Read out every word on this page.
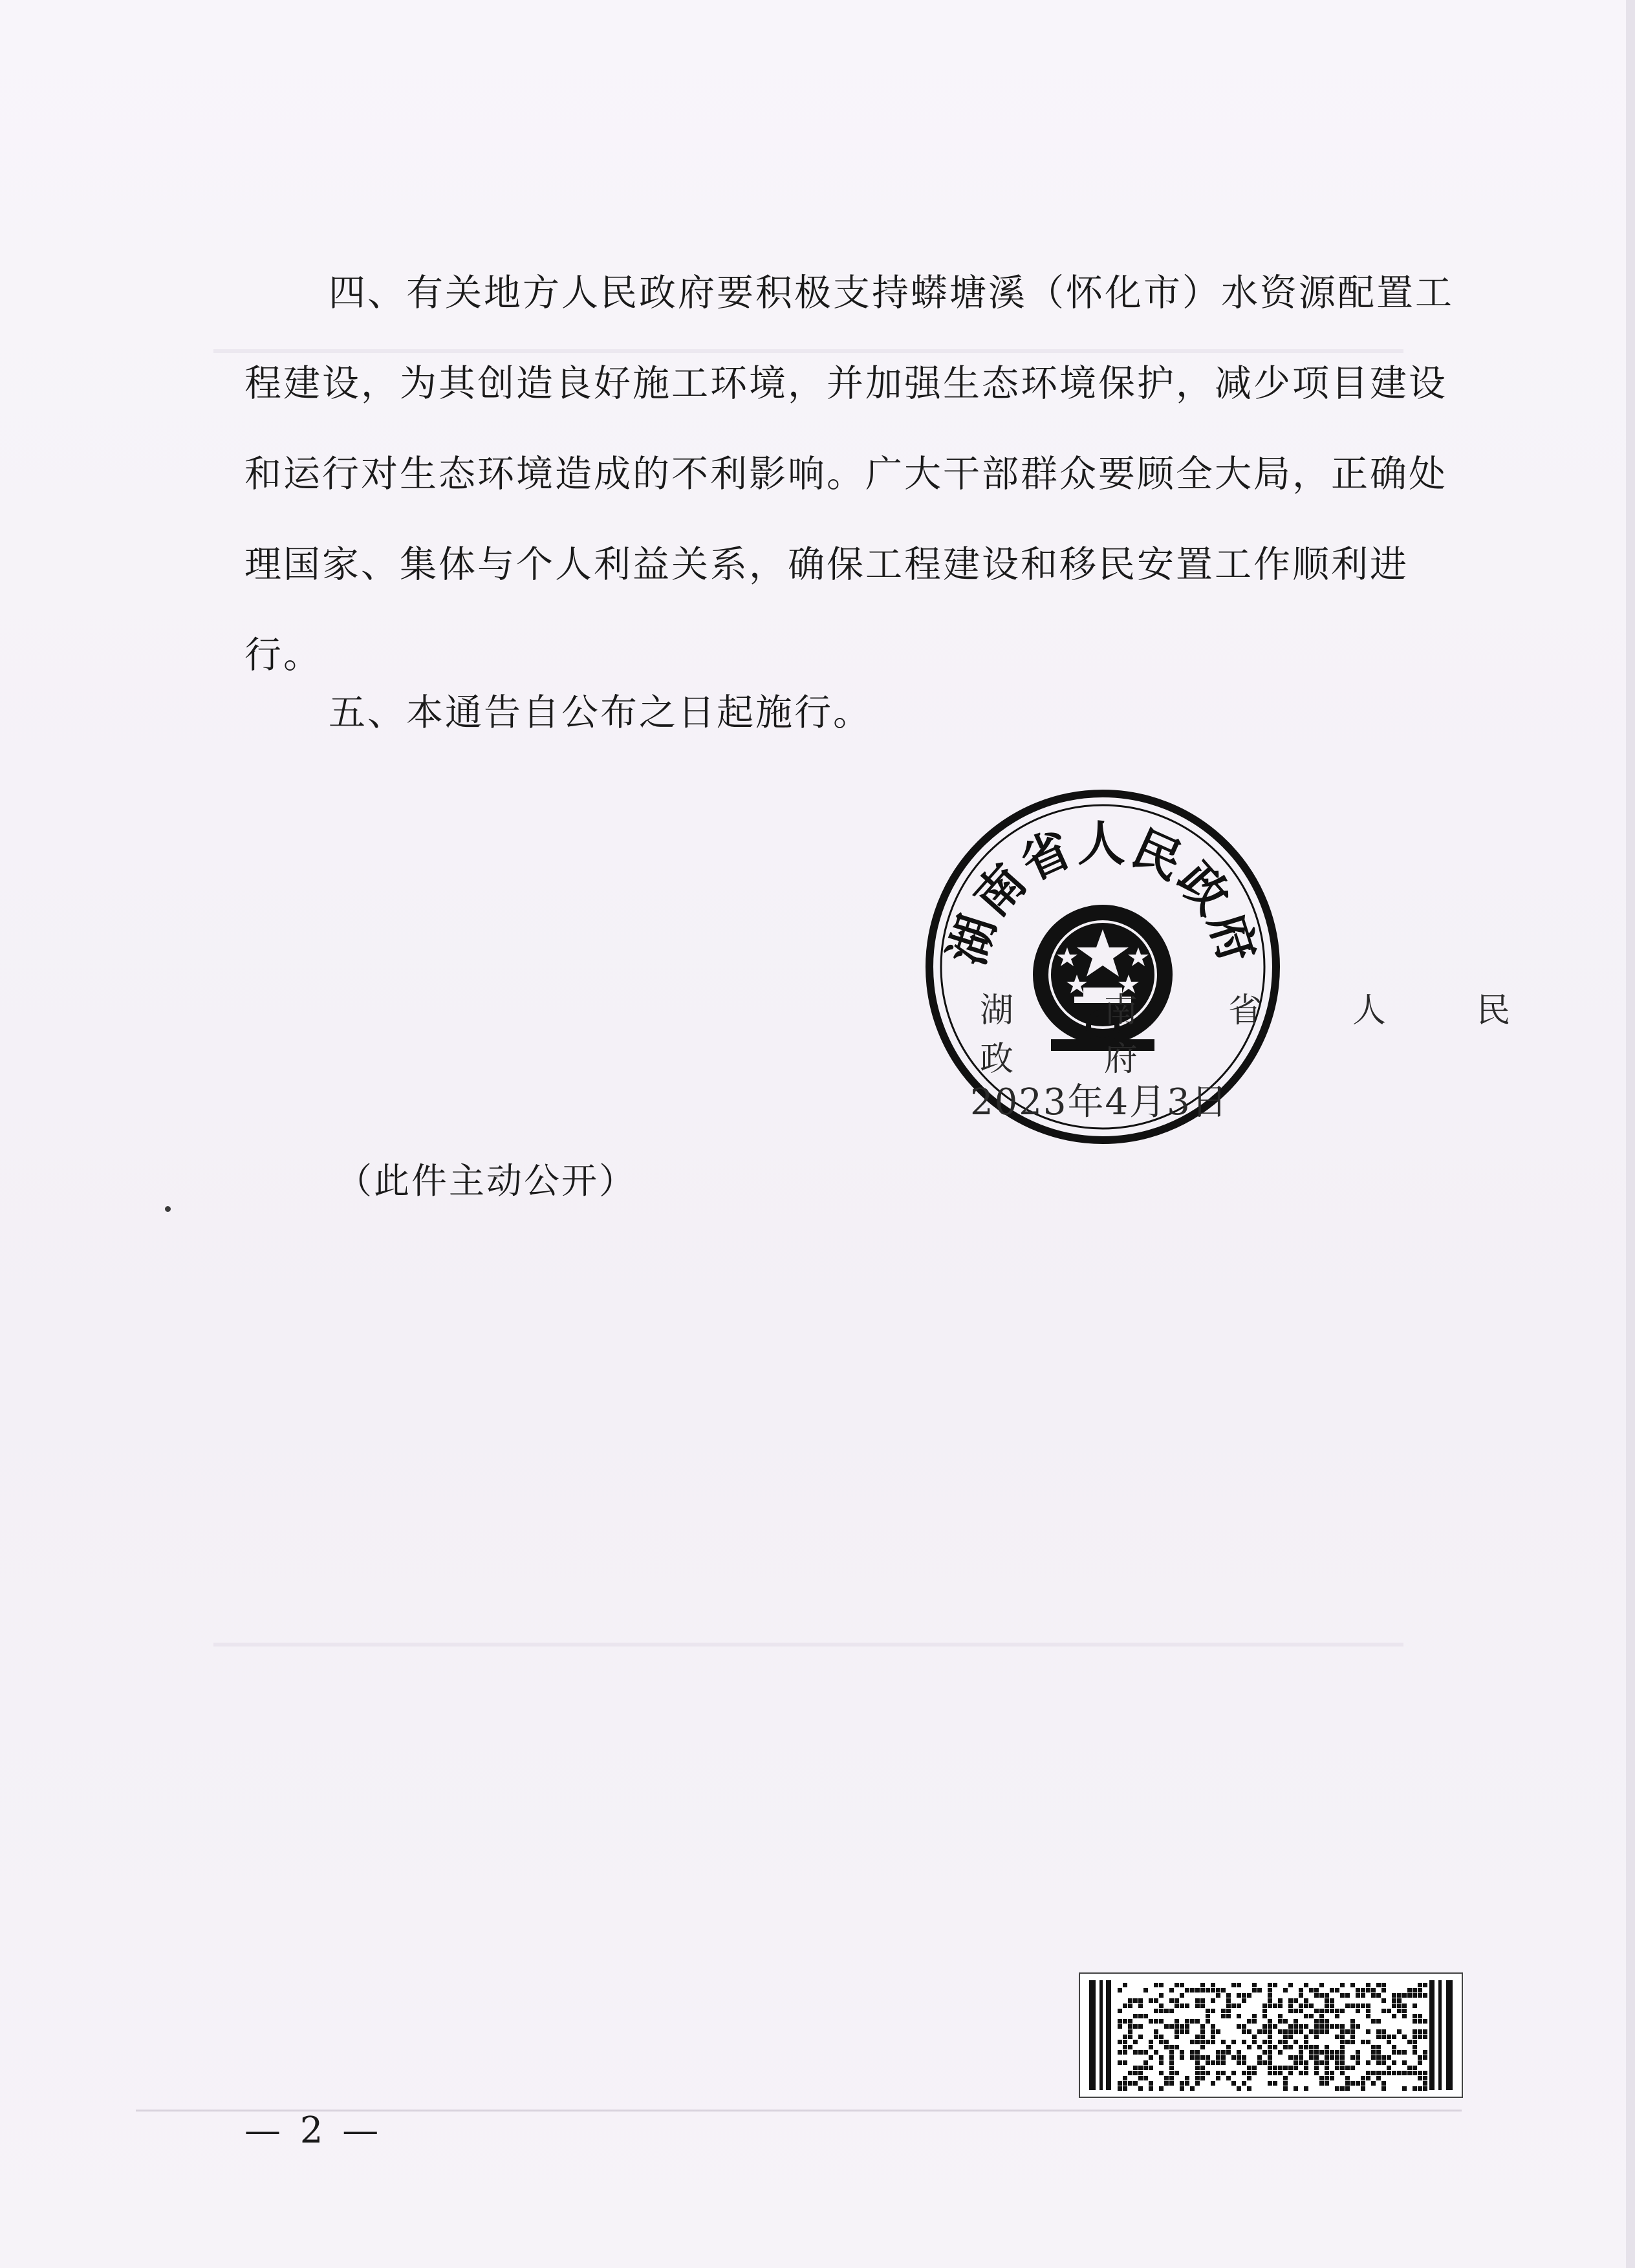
四、有关地方人民政府要积极支持蟒塘溪（怀化市）水资源配置工程建设，为其创造良好施工环境，并加强生态环境保护，减少项目建设和运行对生态环境造成的不利影响。广大干部群众要顾全大局，正确处理国家、集体与个人利益关系，确保工程建设和移民安置工作顺利进行。

五、本通告自公布之日起施行。

湖南省人民政府

湖南省人民政府

2023年4月3日

（此件主动公开）

— 2 —
